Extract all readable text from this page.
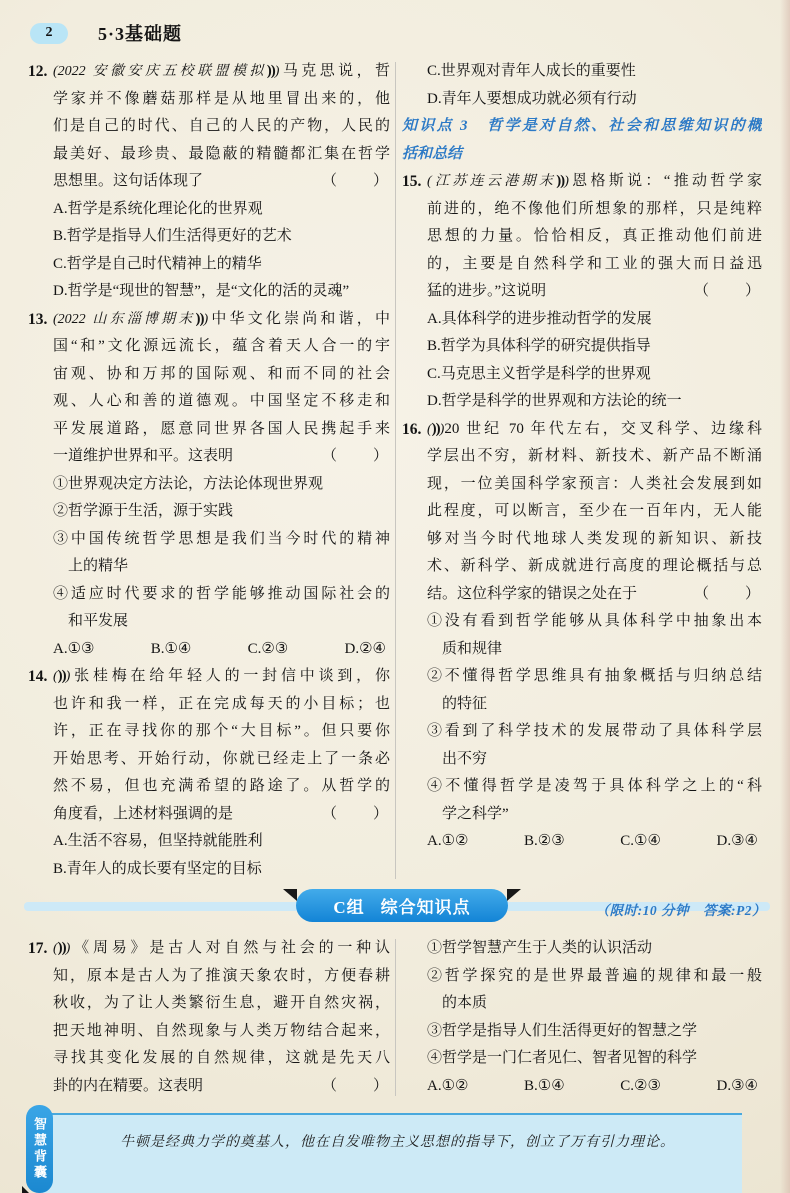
2	5·3基础题
12. (2022 安徽安庆五校联盟模拟)))马克思说，哲
学家并不像蘑菇那样是从地里冒出来的，他
们是自己的时代、自己的人民的产物，人民的
最美好、最珍贵、最隐蔽的精髓都汇集在哲学
思想里。这句话体现了	（　　）
A.哲学是系统化理论化的世界观
B.哲学是指导人们生活得更好的艺术
C.哲学是自己时代精神上的精华
D.哲学是“现世的智慧”，是“文化的活的灵魂”
13. (2022 山东淄博期末)))中华文化崇尚和谐，中
国“和”文化源远流长，蕴含着天人合一的宇
宙观、协和万邦的国际观、和而不同的社会
观、人心和善的道德观。中国坚定不移走和
平发展道路，愿意同世界各国人民携起手来
一道维护世界和平。这表明	（　　）
①世界观决定方法论，方法论体现世界观
②哲学源于生活，源于实践
③中国传统哲学思想是我们当今时代的精神
上的精华
④适应时代要求的哲学能够推动国际社会的
和平发展
A.①③	B.①④	C.②③	D.②④
14. ()))张桂梅在给年轻人的一封信中谈到，你
也许和我一样，正在完成每天的小目标；也
许，正在寻找你的那个“大目标”。但只要你
开始思考、开始行动，你就已经走上了一条必
然不易，但也充满希望的路途了。从哲学的
角度看，上述材料强调的是	（　　）
A.生活不容易，但坚持就能胜利
B.青年人的成长要有坚定的目标
C.世界观对青年人成长的重要性
D.青年人要想成功就必须有行动
知识点 3　哲学是对自然、社会和思维知识的概
括和总结
15. (江苏连云港期末)))恩格斯说：“推动哲学家
前进的，绝不像他们所想象的那样，只是纯粹
思想的力量。恰恰相反，真正推动他们前进
的，主要是自然科学和工业的强大而日益迅
猛的进步。”这说明	（　　）
A.具体科学的进步推动哲学的发展
B.哲学为具体科学的研究提供指导
C.马克思主义哲学是科学的世界观
D.哲学是科学的世界观和方法论的统一
16. ()))20 世纪 70 年代左右，交叉科学、边缘科
学层出不穷，新材料、新技术、新产品不断涌
现，一位美国科学家预言：人类社会发展到如
此程度，可以断言，至少在一百年内，无人能
够对当今时代地球人类发现的新知识、新技
术、新科学、新成就进行高度的理论概括与总
结。这位科学家的错误之处在于	（　　）
①没有看到哲学能够从具体科学中抽象出本
质和规律
②不懂得哲学思维具有抽象概括与归纳总结
的特征
③看到了科学技术的发展带动了具体科学层
出不穷
④不懂得哲学是凌驾于具体科学之上的“科
学之科学”
A.①②	B.②③	C.①④	D.③④
C组 综合知识点	（限时:10 分钟　答案:P2）
17. ()))《周易》是古人对自然与社会的一种认
知，原本是古人为了推演天象农时，方便春耕
秋收，为了让人类繁衍生息，避开自然灾祸，
把天地神明、自然现象与人类万物结合起来，
寻找其变化发展的自然规律，这就是先天八
卦的内在精要。这表明	（　　）
①哲学智慧产生于人类的认识活动
②哲学探究的是世界最普遍的规律和最一般
的本质
③哲学是指导人们生活得更好的智慧之学
④哲学是一门仁者见仁、智者见智的科学
A.①②	B.①④	C.②③	D.③④
智慧背囊	牛顿是经典力学的奠基人，他在自发唯物主义思想的指导下，创立了万有引力理论。
